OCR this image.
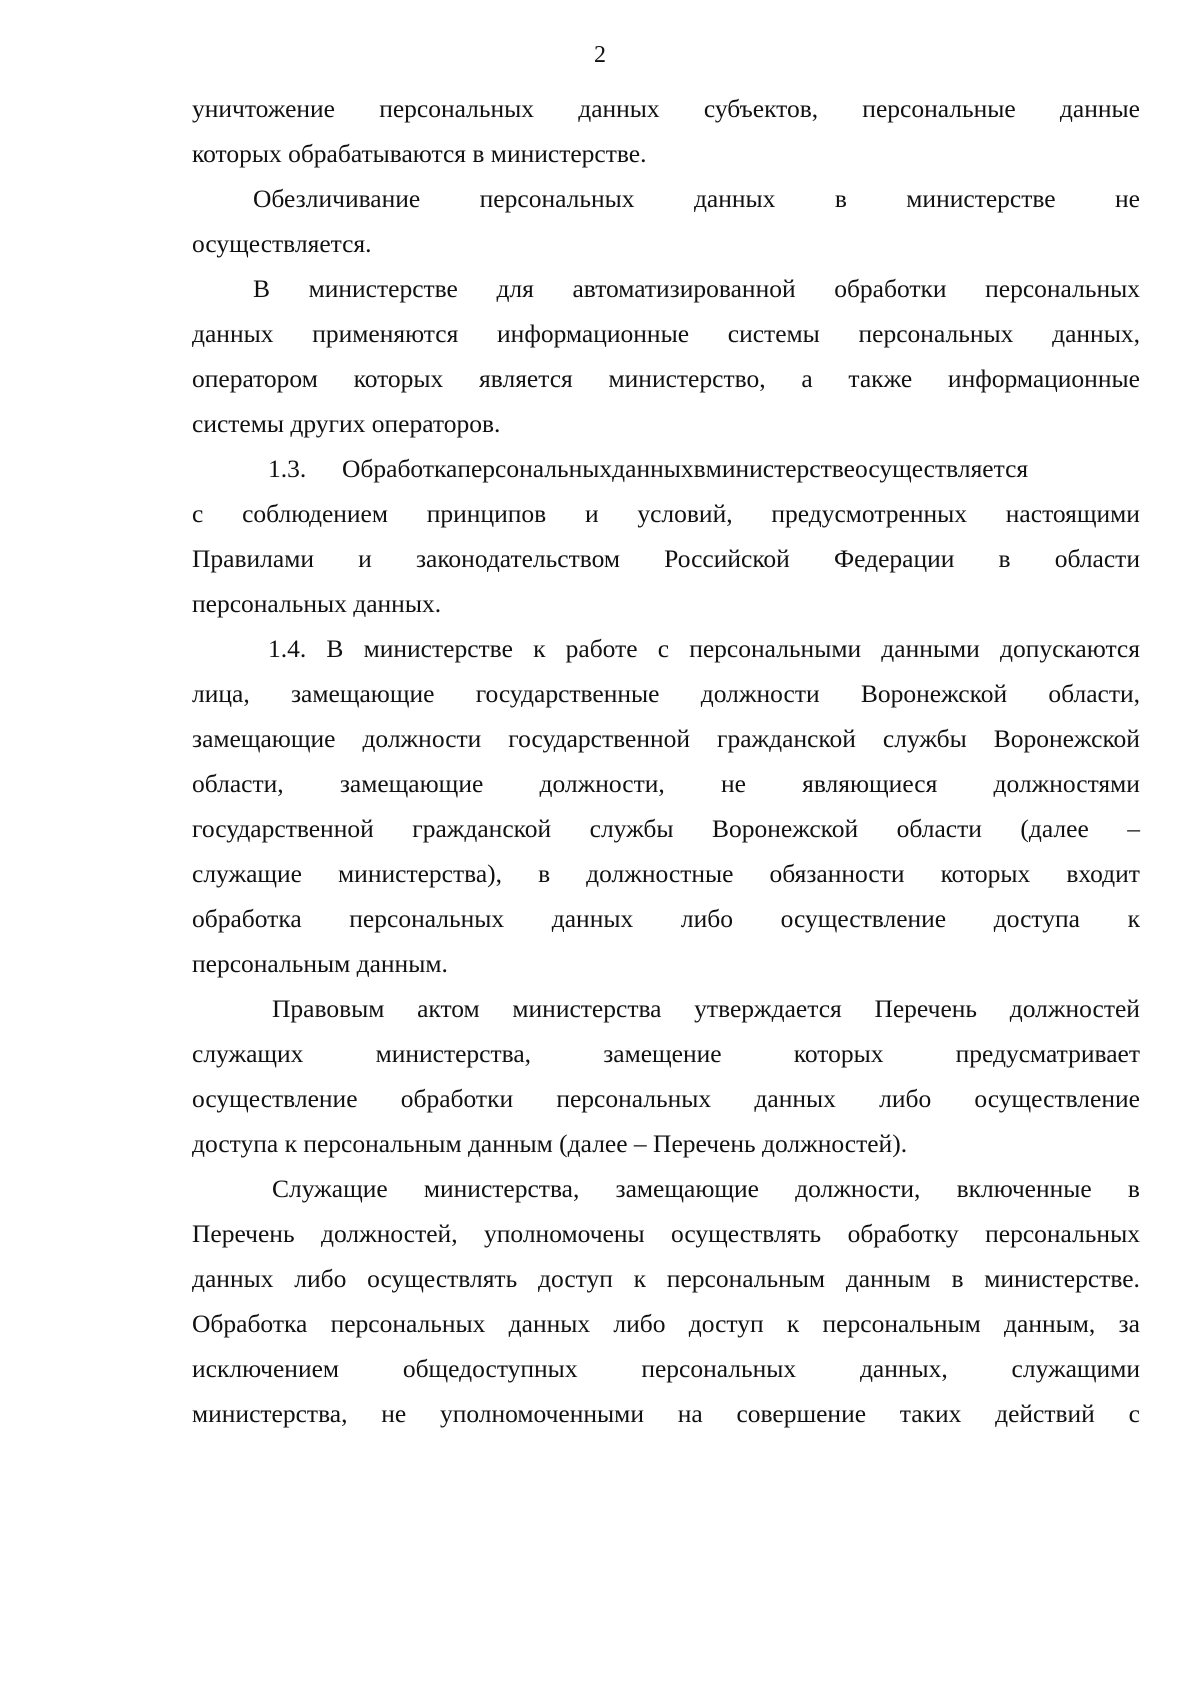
2
уничтожение персональных данных субъектов, персональные данные
которых обрабатываются в министерстве.
Обезличивание персональных данных в министерстве не
осуществляется.
В министерстве для автоматизированной обработки персональных
данных применяются информационные системы персональных данных,
оператором которых является министерство, а также информационные
системы других операторов.
1.3.	Обработкаперсональныхданныхвминистерствеосуществляется
с соблюдением принципов и условий, предусмотренных настоящими
Правилами и законодательством Российской Федерации в области
персональных данных.
1.4. В министерстве к работе с персональными данными допускаются
лица, замещающие государственные должности Воронежской области,
замещающие должности государственной гражданской службы Воронежской
области, замещающие должности, не являющиеся должностями
государственной гражданской службы Воронежской области (далее –
служащие министерства), в должностные обязанности которых входит
обработка персональных данных либо осуществление доступа к
персональным данным.
Правовым актом министерства утверждается Перечень должностей
служащих	министерства,	замещение	которых	предусматривает
осуществление обработки персональных данных либо осуществление
доступа к персональным данным (далее – Перечень должностей).
Служащие министерства, замещающие должности, включенные в
Перечень должностей, уполномочены осуществлять обработку персональных
данных либо осуществлять доступ к персональным данным в министерстве.
Обработка персональных данных либо доступ к персональным данным, за
исключением	общедоступных	персональных	данных,	служащими
министерства, не уполномоченными на совершение таких действий с
